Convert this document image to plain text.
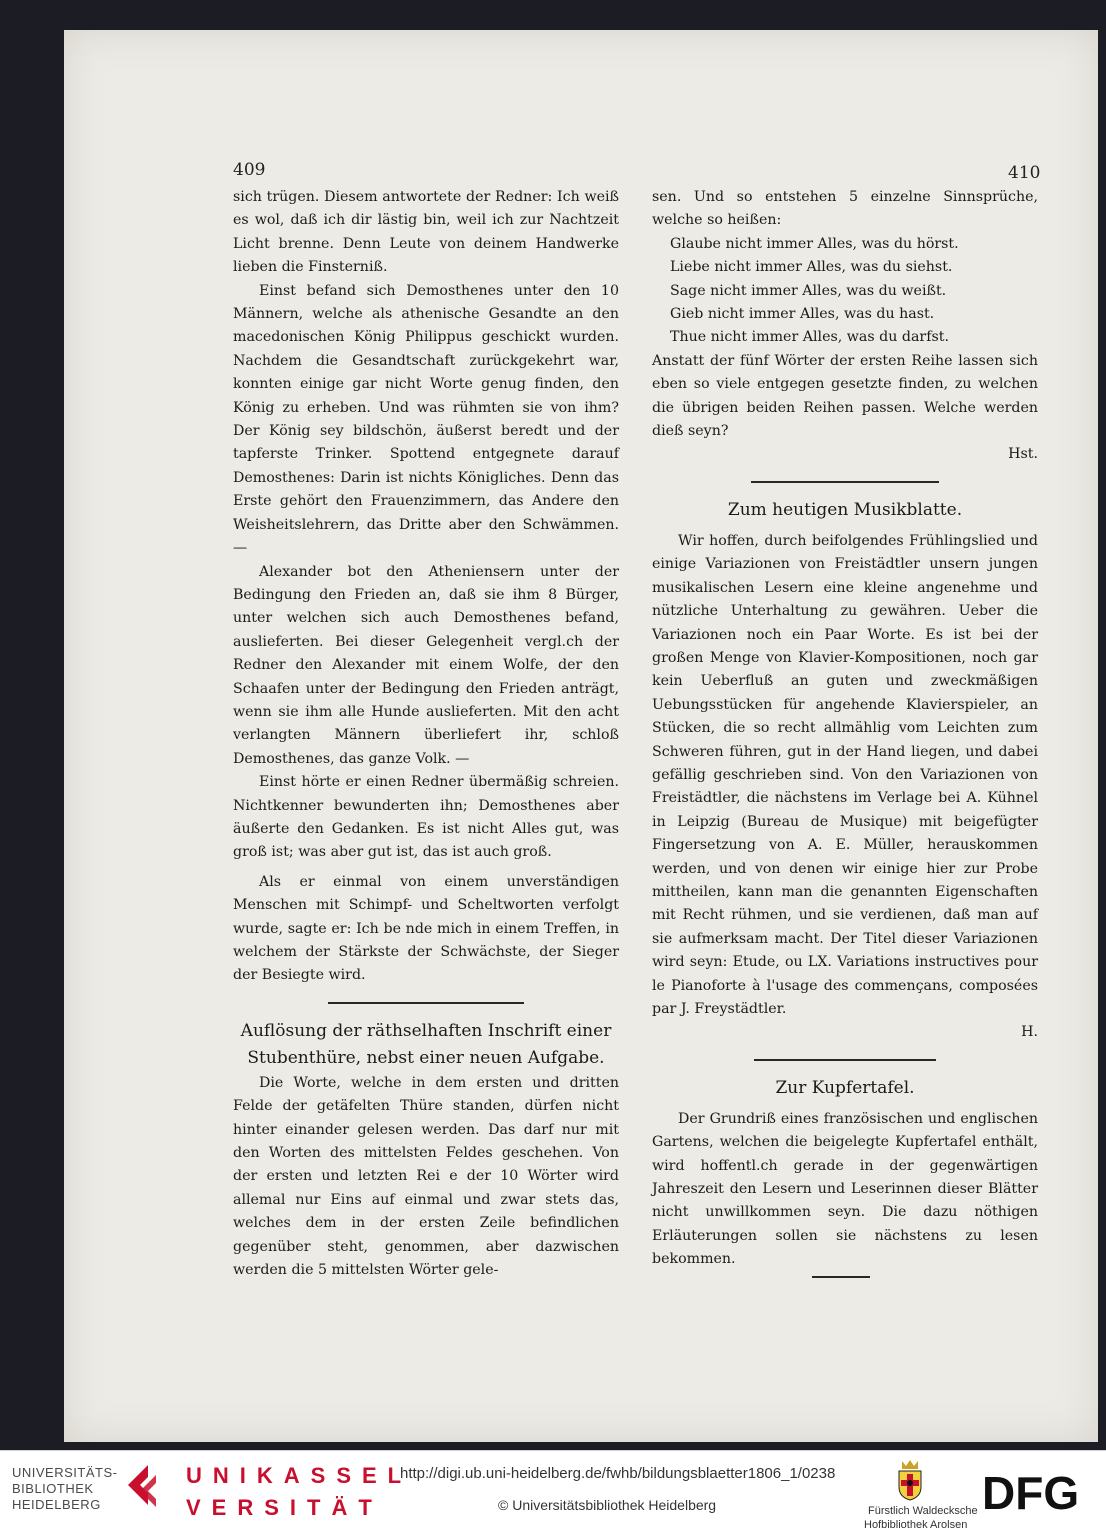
409	410

sich trügen. Diesem antwortete der Redner: Ich weiß es wol, daß ich dir lästig bin, weil ich zur Nachtzeit Licht brenne. Denn Leute von deinem Handwerke lieben die Finsterniß.

Einst befand sich Demosthenes unter den 10 Männern, welche als athenische Gesandte an den macedonischen König Philippus geschickt wurden. Nachdem die Gesandtschaft zurückgekehrt war, konnten einige gar nicht Worte genug finden, den König zu erheben. Und was rühmten sie von ihm? Der König sey bildschön, äußerst beredt und der tapferste Trinker. Spottend entgegnete darauf Demosthenes: Darin ist nichts Königliches. Denn das Erste gehört den Frauenzimmern, das Andere den Weisheitslehrern, das Dritte aber den Schwämmen. —

Alexander bot den Atheniensern unter der Bedingung den Frieden an, daß sie ihm 8 Bürger, unter welchen sich auch Demosthenes befand, auslieferten. Bei dieser Gelegenheit vergl.ch der Redner den Alexander mit einem Wolfe, der den Schaafen unter der Bedingung den Frieden anträgt, wenn sie ihm alle Hunde auslieferten. Mit den acht verlangten Männern überliefert ihr, schloß Demosthenes, das ganze Volk. —

Einst hörte er einen Redner übermäßig schreien. Nichtkenner bewunderten ihn; Demosthenes aber äußerte den Gedanken. Es ist nicht Alles gut, was groß ist; was aber gut ist, das ist auch groß.

Als er einmal von einem unverständigen Menschen mit Schimpf- und Scheltworten verfolgt wurde, sagte er: Ich be nde mich in einem Treffen, in welchem der Stärkste der Schwächste, der Sieger der Besiegte wird.

Auflösung der räthselhaften Inschrift einer Stubenthüre, nebst einer neuen Aufgabe.

Die Worte, welche in dem ersten und dritten Felde der getäfelten Thüre standen, dürfen nicht hinter einander gelesen werden. Das darf nur mit den Worten des mittelsten Feldes geschehen. Von der ersten und letzten Rei e der 10 Wörter wird allemal nur Eins auf einmal und zwar stets das, welches dem in der ersten Zeile befindlichen gegenüber steht, genommen, aber dazwischen werden die 5 mittelsten Wörter gele-

sen. Und so entstehen 5 einzelne Sinnsprüche, welche so heißen:

Glaube nicht immer Alles, was du hörst.

Liebe nicht immer Alles, was du siehst.

Sage nicht immer Alles, was du weißt.

Gieb nicht immer Alles, was du hast.

Thue nicht immer Alles, was du darfst.

Anstatt der fünf Wörter der ersten Reihe lassen sich eben so viele entgegen gesetzte finden, zu welchen die übrigen beiden Reihen passen. Welche werden dieß seyn?

Hst.

Zum heutigen Musikblatte.

Wir hoffen, durch beifolgendes Frühlingslied und einige Variazionen von Freistädtler unsern jungen musikalischen Lesern eine kleine angenehme und nützliche Unterhaltung zu gewähren. Ueber die Variazionen noch ein Paar Worte. Es ist bei der großen Menge von Klavier-Kompositionen, noch gar kein Ueberfluß an guten und zweckmäßigen Uebungsstücken für angehende Klavierspieler, an Stücken, die so recht allmählig vom Leichten zum Schweren führen, gut in der Hand liegen, und dabei gefällig geschrieben sind. Von den Variazionen von Freistädtler, die nächstens im Verlage bei A. Kühnel in Leipzig (Bureau de Musique) mit beigefügter Fingersetzung von A. E. Müller, herauskommen werden, und von denen wir einige hier zur Probe mittheilen, kann man die genannten Eigenschaften mit Recht rühmen, und sie verdienen, daß man auf sie aufmerksam macht. Der Titel dieser Variazionen wird seyn: Etude, ou LX. Variations instructives pour le Pianoforte à l'usage des commençans, composées par J. Freystädtler.

H.

Zur Kupfertafel.

Der Grundriß eines französischen und englischen Gartens, welchen die beigelegte Kupfertafel enthält, wird hoffentl.ch gerade in der gegenwärtigen Jahreszeit den Lesern und Leserinnen dieser Blätter nicht unwillkommen seyn. Die dazu nöthigen Erläuterungen sollen sie nächstens zu lesen bekommen.

UNIVERSITÄTS-
BIBLIOTHEK
HEIDELBERG
UNIKASSEL
VERSITÄT
http://digi.ub.uni-heidelberg.de/fwhb/bildungsblaetter1806_1/0238
© Universitätsbibliothek Heidelberg	Fürstlich Waldecksche
Hofbibliothek Arolsen
DFG
